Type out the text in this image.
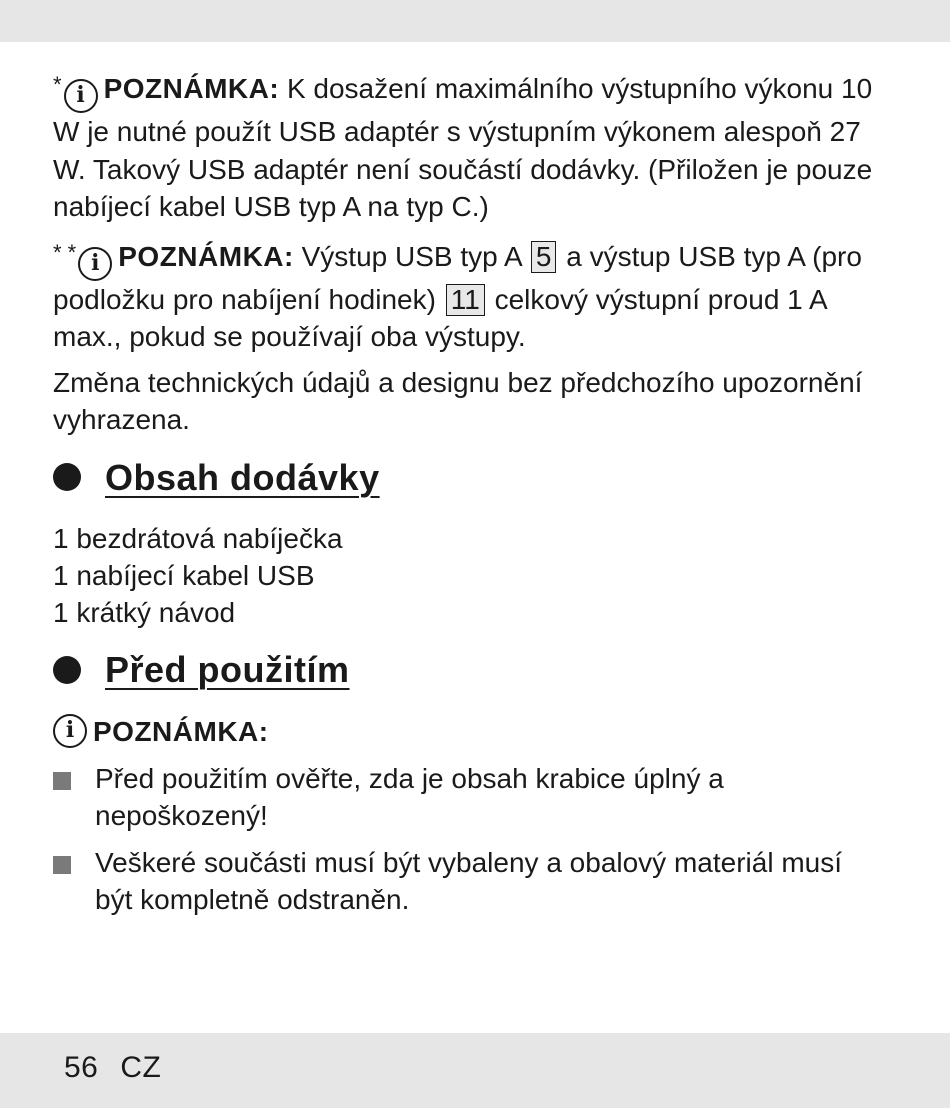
* i POZNÁMKA: K dosažení maximálního výstupního výkonu 10 W je nutné použít USB adaptér s výstupním výkonem alespoň 27 W. Takový USB adaptér není součástí dodávky. (Přiložen je pouze nabíjecí kabel USB typ A na typ C.)

* * i POZNÁMKA: Výstup USB typ A 5 a výstup USB typ A (pro podložku pro nabíjení hodinek) 11 celkový výstupní proud 1 A max., pokud se používají oba výstupy.

Změna technických údajů a designu bez předchozího upozornění vyhrazena.

Obsah dodávky
1 bezdrátová nabíječka
1 nabíjecí kabel USB
1 krátký návod
Před použitím
i POZNÁMKA:
Před použitím ověřte, zda je obsah krabice úplný a nepoškozený!
Veškeré součásti musí být vybaleny a obalový materiál musí být kompletně odstraněn.
56 CZ
